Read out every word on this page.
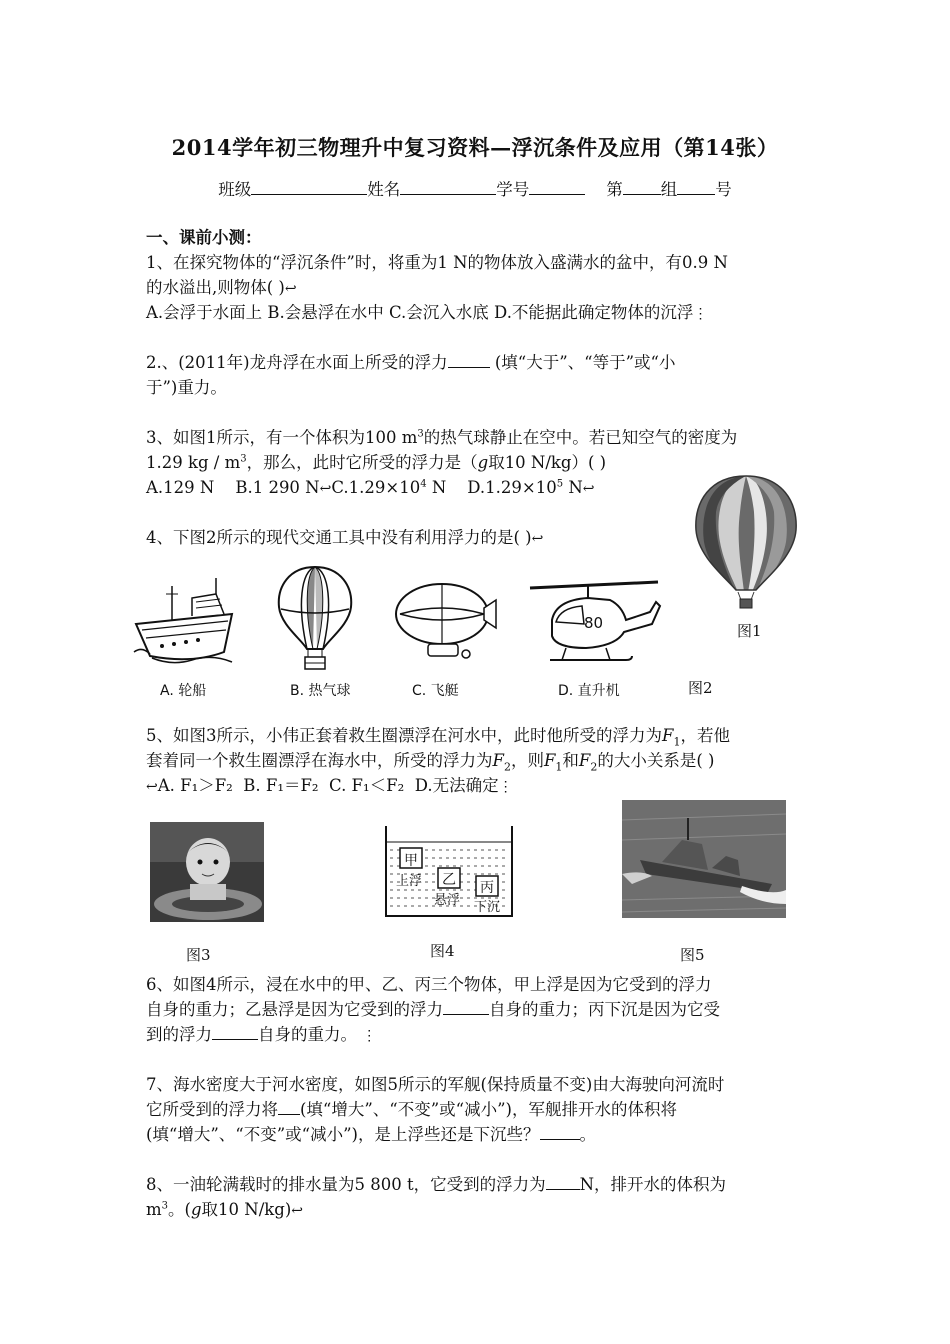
2014学年初三物理升中复习资料—浮沉条件及应用（第14张）
班级	姓名	学号	第 组 号
一、课前小测：
1、在探究物体的“浮沉条件”时，将重为1 N的物体放入盛满水的盆中，有0.9 N
的水溢出,则物体( )↩
A.会浮于水面上 B.会悬浮在水中 C.会沉入水底 D.不能据此确定物体的沉浮⋮
2.、(2011年)龙舟浮在水面上所受的浮力	(填“大于”、“等于”或“小
于”)重力。
3、如图1所示，有一个体积为100 $m^3$的热气球静止在空中。若已知空气的密度为
1.29 kg / $m^3$，那么，此时它所受的浮力是（g取10 N/kg）( )
A.129 N B.1 290 $N↩C.1.29\times 10^4$ N $D.1.29\times 10^5$ N↩
4、下图2所示的现代交通工具中没有利用浮力的是( )↩
图1
80
A. 轮船	B. 热气球	C. 飞艇	D. 直升机	图2
5、如图3所示，小伟正套着救生圈漂浮在河水中，此时他所受的浮力为$F_1$，若他
套着同一个救生圈漂浮在海水中，所受的浮力为$F_2$，则$F_1$和$F_2$的大小关系是( )
↩A. F₁＞F₂ B. F₁＝F₂ C. F₁＜F₂ D.无法确定⋮
甲
上浮 乙
悬浮
丙
下沉
图3	图4	图5
6、如图4所示，浸在水中的甲、乙、丙三个物体，甲上浮是因为它受到的浮力
自身的重力；乙悬浮是因为它受到的浮力	自身的重力；丙下沉是因为它受
到的浮力	自身的重力。 ⋮
7、海水密度大于河水密度，如图5所示的军舰(保持质量不变)由大海驶向河流时
它所受到的浮力将 (填“增大”、“不变”或“减小”)，军舰排开水的体积将
(填“增大”、“不变”或“减小”)，是上浮些还是下沉些？ 。
8、一油轮满载时的排水量为5 800 t，它受到的浮力为 N，排开水的体积为
$m^3$。(g取10 N/kg)↩
